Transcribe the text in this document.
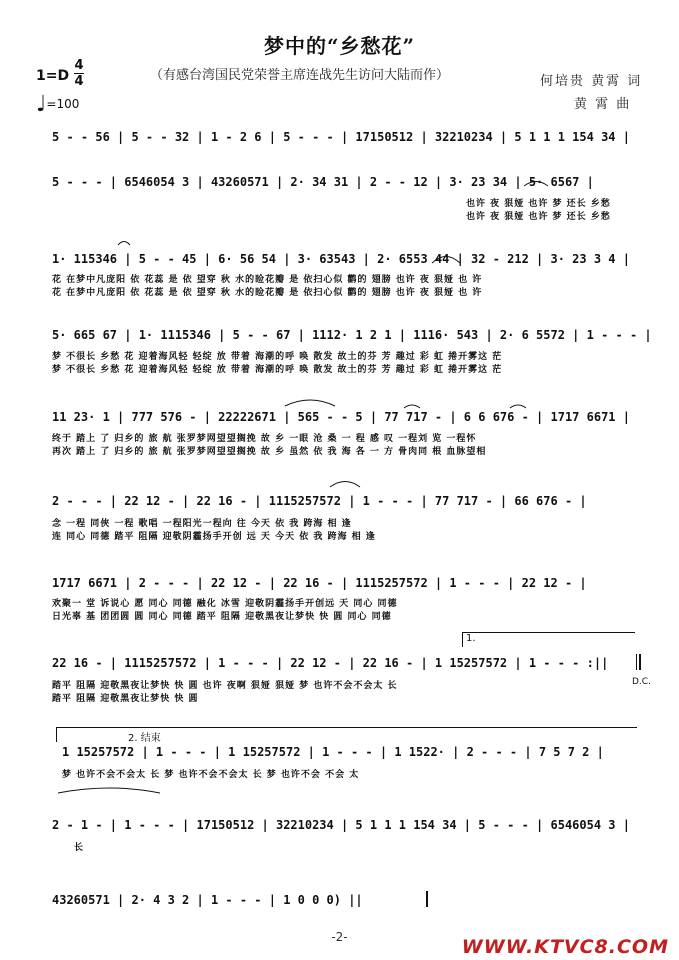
梦中的“乡愁花”
（有感台湾国民党荣誉主席连战先生访问大陆而作）	何培贵 黄霄 词
黄 霄 曲
1=D
4
4
♩=100
5 - - 56 | 5 - - 32 | 1 - 2 6 | 5 - - - | 17150512 | 32210234 | 5 1 1 1 154 34 |
5 - - - | 6546054 3 | 43260571 | 2· 34 31 | 2 - - 12 | 3· 23 34 | 5· 6567 |
也许 夜 狠娅 也许 梦 还长 乡愁
也许 夜 狠娅 也许 梦 还长 乡愁
1· 115346 | 5 - - 45 | 6· 56 54 | 3· 63543 | 2· 6553 44 | 32 - 212 | 3· 23 3 4 |
花 在梦中凡庞阳 依 花蕊 是 依 望穿 秋 水的睑花瓣 是 依扫心似 鹳的 翅膀 也许 夜 狠娅 也 许
花 在梦中凡庞阳 依 花蕊 是 依 望穿 秋 水的睑花瓣 是 依扫心似 鹳的 翅膀 也许 夜 狠娅 也 许
5· 665 67 | 1· 1115346 | 5 - - 67 | 1112· 1 2 1 | 1116· 543 | 2· 6 5572 | 1 - - - |
梦 不很长 乡愁 花 迎着海风轻 轻绽 放 带着 海潮的呼 唤 散发 故土的芬 芳 趣过 彩 虹 捲开雾这 茫
梦 不很长 乡愁 花 迎着海风轻 轻绽 放 带着 海潮的呼 唤 散发 故土的芬 芳 趣过 彩 虹 捲开雾这 茫
11 23· 1 | 777 576 - | 22222671 | 565 - - 5 | 77 717 - | 6 6 676 - | 1717 6671 |
终于 踏上 了 归乡的 旅 航 张罗梦网望望搁挽 故 乡 一眼 沧 桑 一 程 感 叹 一程刘 览 一程怀
再次 踏上 了 归乡的 旅 航 张罗梦网望望搁挽 故 乡 虽然 依 我 海 各 一 方 骨肉同 根 血脉望相
2 - - - | 22 12 - | 22 16 - | 1115257572 | 1 - - - | 77 717 - | 66 676 - |
念 一程 同俠 一程 歌唱 一程阳光一程向 往 今天 依 我 跨海 相 逢
连 同心 同德 踏平 阻隔 迎敬阴霾扬手开创 远 天 今天 依 我 跨海 相 逢
1717 6671 | 2 - - - | 22 12 - | 22 16 - | 1115257572 | 1 - - - | 22 12 - |
欢聚一 堂 诉说心 愿 同心 同德 融化 冰雪 迎敬阴霾扬手开创远 天 同心 同德
日光辜 基 团团圆 圆 同心 同德 踏平 阻隔 迎敬黑夜让梦快 快 圆 同心 同德
1.
22 16 - | 1115257572 | 1 - - - | 22 12 - | 22 16 - | 1 15257572 | 1 - - - :||
踏平 阻隔 迎敬黑夜让梦快 快 圆 也许 夜啊 狠娅 狠娅 梦 也许不会不会太 长
踏平 阻隔 迎敬黑夜让梦快 快 圆
D.C.
2. 结束
1 15257572 | 1 - - - | 1 15257572 | 1 - - - | 1 1522· | 2 - - - | 7 5 7 2 |
梦 也许不会不会太 长 梦 也许不会不会太 长 梦 也许不会 不会 太
2 - 1 - | 1 - - - | 17150512 | 32210234 | 5 1 1 1 154 34 | 5 - - - | 6546054 3 |
长
43260571 | 2· 4 3 2 | 1 - - - | 1 0 0 0) ||
-2-	WWW.KTVC8.COM
